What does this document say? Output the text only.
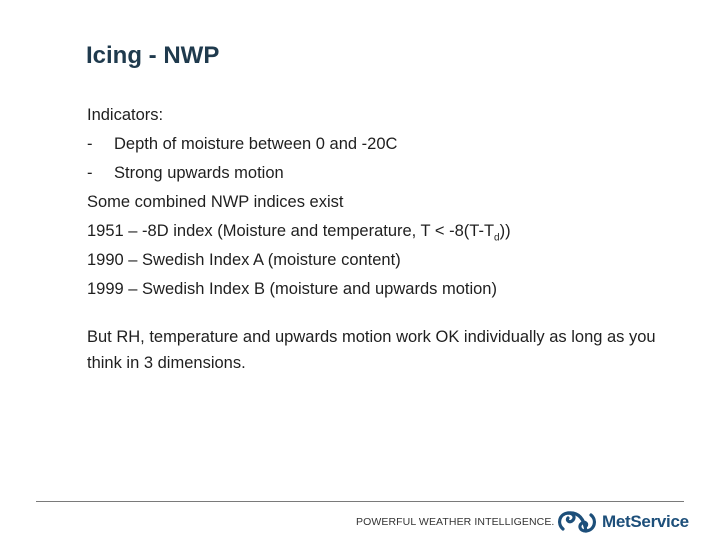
Icing - NWP
Indicators:
- Depth of moisture between 0 and -20C
- Strong upwards motion
Some combined NWP indices exist
1951 – -8D index (Moisture and temperature, $T < -8(T-T_d)$)
1990 – Swedish Index A (moisture content)
1999 – Swedish Index B (moisture and upwards motion)
But RH, temperature and upwards motion work OK individually as long as you think in 3 dimensions.
POWERFUL WEATHER INTELLIGENCE.	MetService
